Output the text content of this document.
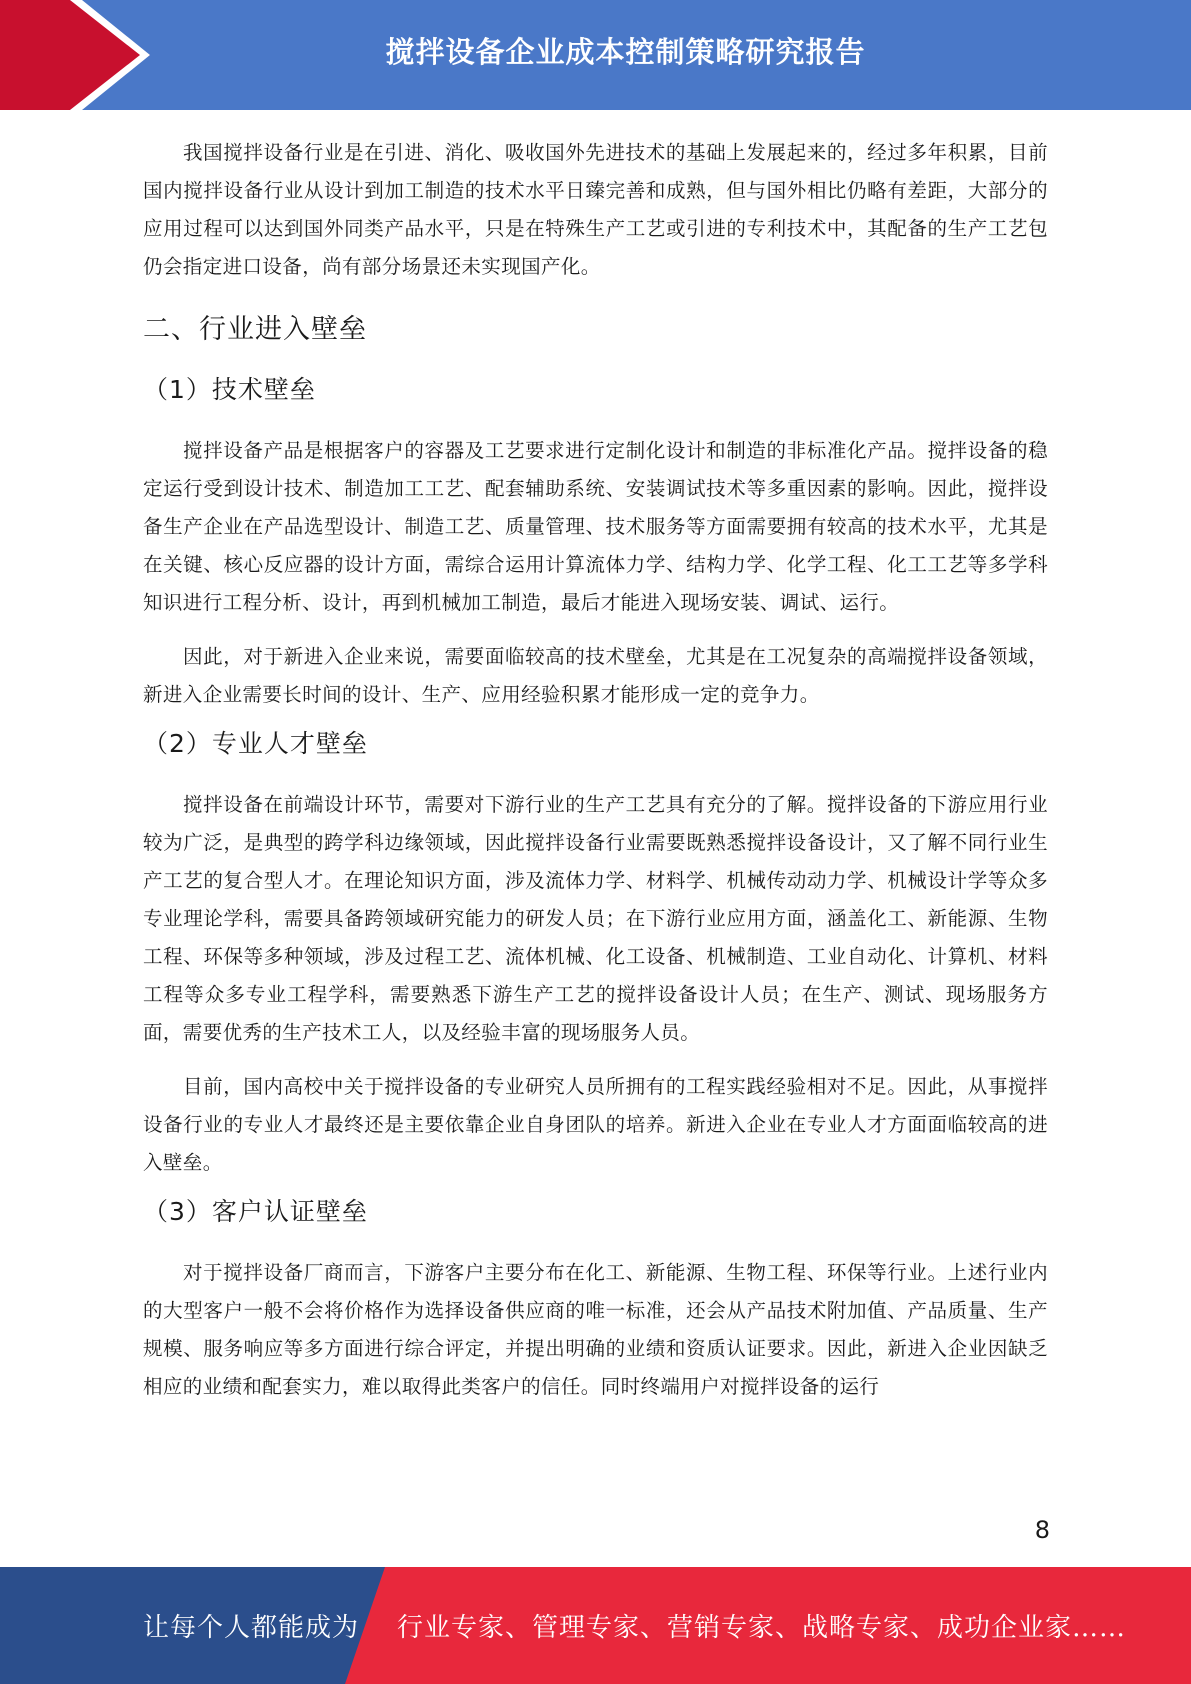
搅拌设备企业成本控制策略研究报告

我国搅拌设备行业是在引进、消化、吸收国外先进技术的基础上发展起来的，经过多年积累，目前国内搅拌设备行业从设计到加工制造的技术水平日臻完善和成熟，但与国外相比仍略有差距，大部分的应用过程可以达到国外同类产品水平，只是在特殊生产工艺或引进的专利技术中，其配备的生产工艺包仍会指定进口设备，尚有部分场景还未实现国产化。

二、行业进入壁垒
（1）技术壁垒

搅拌设备产品是根据客户的容器及工艺要求进行定制化设计和制造的非标准化产品。搅拌设备的稳定运行受到设计技术、制造加工工艺、配套辅助系统、安装调试技术等多重因素的影响。因此，搅拌设备生产企业在产品选型设计、制造工艺、质量管理、技术服务等方面需要拥有较高的技术水平，尤其是在关键、核心反应器的设计方面，需综合运用计算流体力学、结构力学、化学工程、化工工艺等多学科知识进行工程分析、设计，再到机械加工制造，最后才能进入现场安装、调试、运行。

因此，对于新进入企业来说，需要面临较高的技术壁垒，尤其是在工况复杂的高端搅拌设备领域，新进入企业需要长时间的设计、生产、应用经验积累才能形成一定的竞争力。

（2）专业人才壁垒

搅拌设备在前端设计环节，需要对下游行业的生产工艺具有充分的了解。搅拌设备的下游应用行业较为广泛，是典型的跨学科边缘领域，因此搅拌设备行业需要既熟悉搅拌设备设计，又了解不同行业生产工艺的复合型人才。在理论知识方面，涉及流体力学、材料学、机械传动动力学、机械设计学等众多专业理论学科，需要具备跨领域研究能力的研发人员；在下游行业应用方面，涵盖化工、新能源、生物工程、环保等多种领域，涉及过程工艺、流体机械、化工设备、机械制造、工业自动化、计算机、材料工程等众多专业工程学科，需要熟悉下游生产工艺的搅拌设备设计人员；在生产、测试、现场服务方面，需要优秀的生产技术工人，以及经验丰富的现场服务人员。

目前，国内高校中关于搅拌设备的专业研究人员所拥有的工程实践经验相对不足。因此，从事搅拌设备行业的专业人才最终还是主要依靠企业自身团队的培养。新进入企业在专业人才方面面临较高的进入壁垒。

（3）客户认证壁垒

对于搅拌设备厂商而言，下游客户主要分布在化工、新能源、生物工程、环保等行业。上述行业内的大型客户一般不会将价格作为选择设备供应商的唯一标准，还会从产品技术附加值、产品质量、生产规模、服务响应等多方面进行综合评定，并提出明确的业绩和资质认证要求。因此，新进入企业因缺乏相应的业绩和配套实力，难以取得此类客户的信任。同时终端用户对搅拌设备的运行

8
让每个人都能成为 行业专家、管理专家、营销专家、战略专家、成功企业家……
